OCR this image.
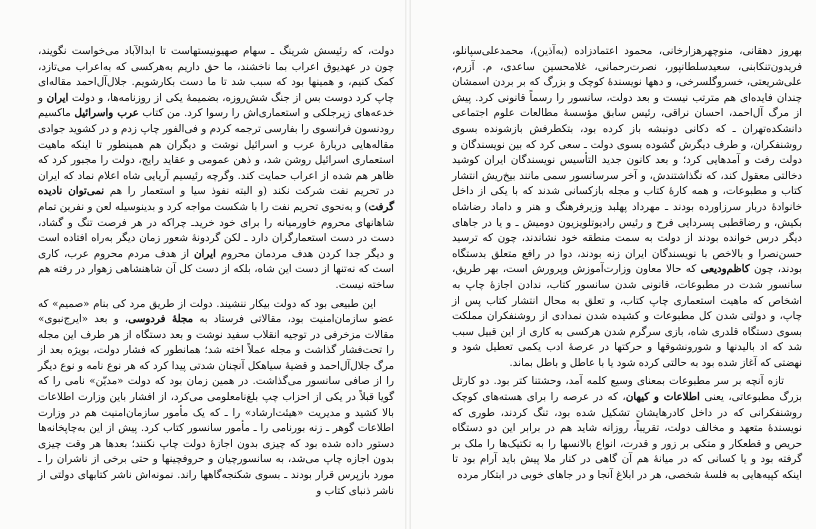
دولت، که رئیسش شرینگ ـ سهام صهیونیستهاست تا ابدالآباد می‌خواست نگویند، چون در عهدیوق اعراب بما ناخشند، ما حق داریم به‌هرکسی که به‌اعراب می‌تازد، کمک کنیم، و همینها بود که سبب شد تا ما دست بکارشویم. جلال‌آل‌احمد مقاله‌ای چاپ کرد دوست بس از جنگ شش‌روزه، بضمیمهٔ یکی از روزنامه‌ها، و دولت ایران و خدعه‌های زیرجلکی و استعماری‌اش را رسوا کرد. من کتاب عرب واسرائیل ماکسیم رودنسون فرانسوی را بفارسی ترجمه کردم و فی‌الفور چاپ زدم و در کشوید جوادی مقاله‌هایی دربارهٔ عرب و اسرائیل نوشت و دیگران هم همینطور تا اینکه ماهیت استعماری اسرائیل روشن شد، و ذهن عمومی و عقاید رایج، دولت را مجبور کرد که ظاهر هم شده از اعراب حمایت کند. وگرچه رئیسیم آریایی شاه اعلام نماد که ایران در تحریم نفت شرکت نکند (و البته نفوذ سیا و استعمار را هم نمی‌توان نادیده گرفت) و به‌نحوی تحریم نفت را با شکست مواجه کرد و بدینوسیله لعن و نفرین تمام شاهانهای محروم خاورمیانه را برای خود خریدـ چراکه در هر فرصت تنگ و گشاد، دست در دست استعمارگران دارد ـ لکن گردونهٔ شعور زمان دیگر به‌راه افتاده است و دیگر جدا کردن هدف مردمان محروم ایران از هدف مردم محروم عرب، کاری است که نه‌تنها از دست این شاه، بلکه از دست کل آن شاهنشاهی زهوار در رفته هم ساخته نیست.

این طبیعی بود که دولت بیکار ننشیند. دولت از طریق مرد کی بنام «صمیم» که عضو سازمان‌امنیت بود، مقالاتی فرستاد به مجلهٔ فردوسی، و بعد «ایرج‌نبوی» مقالات مزخرفی در توجیه انقلاب سفید نوشت و بعد دستگاه از هر طرف این مجله را تحت‌فشار گذاشت و مجله عملاً اخته شد؛ همانطور که فشار دولت، بویژه بعد از مرگ جلال‌آل‌احمد و قضیهٔ سیاهکل آنچنان شدتی پیدا کرد که هر نوع‌ نامه و نوع‌ دیگر را از صافی سانسور می‌گذاشت. در همین زمان بود که دولت «مدیّن» نامی را که گویا قبلاً در یکی از احزاب چپ بلغ‌نامعلومی می‌کرد، از افشار باین وزارت اطلاعات بالا کشید و مدیریت «هیئت‌ارشاد» را ـ که یک مأمور سازمان‌امنیت هم در وزارت اطلاعات‌ گوهر ـ زنه بورنامی را ـ مأمور سانسور کتاب کرد. پیش از این به‌چاپخانه‌ها دستور داده شده بود که چیزی بدون اجازهٔ دولت چاپ نکنند؛ بعدها هر وقت چیزی بدون اجازه چاپ می‌شد، به سانسورچیان و حروفچینها و حتی برخی از ناشران را ـ مورد بازپرس قرار بودند ـ بسوی شکنجه‌گاهها راند. نمونه‌اش ناشر کتابهای دولتی از ناشر ذنبای کتاب و

بهروز دهقانی، منوچهرهزارخانی، محمود اعتمادزاده (به‌آذین)، محمدعلی‌سپانلو، فریدون‌تنکابنی، سعیدسلطانپور، نصرت‌رحمانی، غلامحسین ساعدی، م. آزرم، علی‌شریعتی، خسروگلسرخی، و دهها نویسندهٔ کوچک و بزرگ که بر بردن اسمشان چندان فایده‌ای هم مترتب نیست و بعد دولت، سانسور را رسماً قانونی کرد. پیش از مرگ آل‌احمد، احسان نراقی، رئیس سابق مؤسسهٔ مطالعات علوم اجتماعی دانشکده‌تهران ـ که دکانی دونبشه باز کرده بود، بتکطرفش بازشونده بسوی روشنفکران، و طرف دیگرش گشوده بسوی دولت ـ سعی کرد که بین نویسندگان و دولت رفت و آمدهایی کرد؛ و بعد کانون جدید التأسیس نویسندگان ایران کوشید دخالتی معقول کند، که نگذاشتندش، و آخر سرسانسور سمی مانند بیخ‌ریش انتشار کتاب و مطبوعات، و همه کارهٔ کتاب و مجله‌ بازکسانی شدند که با یکی از داخل خانوادهٔ دربار سرزاورده بودند ـ مهرداد پهلبد وزیرفرهنگ و هنر و داماد رضاشاه بکیش، و رضاقطبی پسردایی فرح و رئیس رادیوتلویزیون دومیش ـ و یا در جاهای دیگر درس خوانده بودند از دولت به سمت منطقه خود نشاندند، چون که ترسید حسن‌نصرا و بالاخص با نویسندگان ایران زنه بودند، دوا در رافع متعلق بدستگاه بودند، چون کاظم‌ودیعی که حالا معاون وزارت‌آموزش وپرورش است، بهر طریق، سانسور شدت در مطبوعات، قانونی شدن سانسور کتاب، ندادن اجازهٔ چاپ به اشخاص که ماهیت استعماری چاپ کتاب، و تعلق به محال انتشار کتاب پس از چاپ، و دولتی شدن کل مطبوعات و کشیده شدن نمدادی از روشنفکران مملکت بسوی دستگاه قلدری شاه، بازی سرگرم شدن هرکسی به کاری از این قبیل سبب شد که اد بالیدنها و شورونشوقها و حرکتها در عرصهٔ ادب یکمی تعطیل شود و نهضتی که آغاز شده بود به حالتی کرده شود یا با عاطل و باطل بماند.

تازه آنچه بر سر مطبوعات بمعنای وسیع کلمه آمد، وحشتنا کتر بود. دو کارتل بزرگ مطبوعاتی، یعنی اطلاعات و کیهان، که در عرصه را برای هسته‌های کوچک روشنفکرانی که در داخل کادرهایشان تشکیل شده بود، تنگ کردند، طوری که نویسندهٔ متعهد و مخالف دولت، تقریباً، روزانه شاید هم در برابر این دو دستگاه حریص و قطعکار و متکی بر زور و قدرت، انواع بالانسها را به تکتیک‌ها را ملک بر گرفته بود و یا کسانی که در میانهٔ هم آن گاهی در کنار ملا پیش باید آرام بود تا اینکه کپیه‌هایی به فلسهٔ شخصی، هر در ابلاغ آنجا و در جاهای خوبی در ابتکار مرده
